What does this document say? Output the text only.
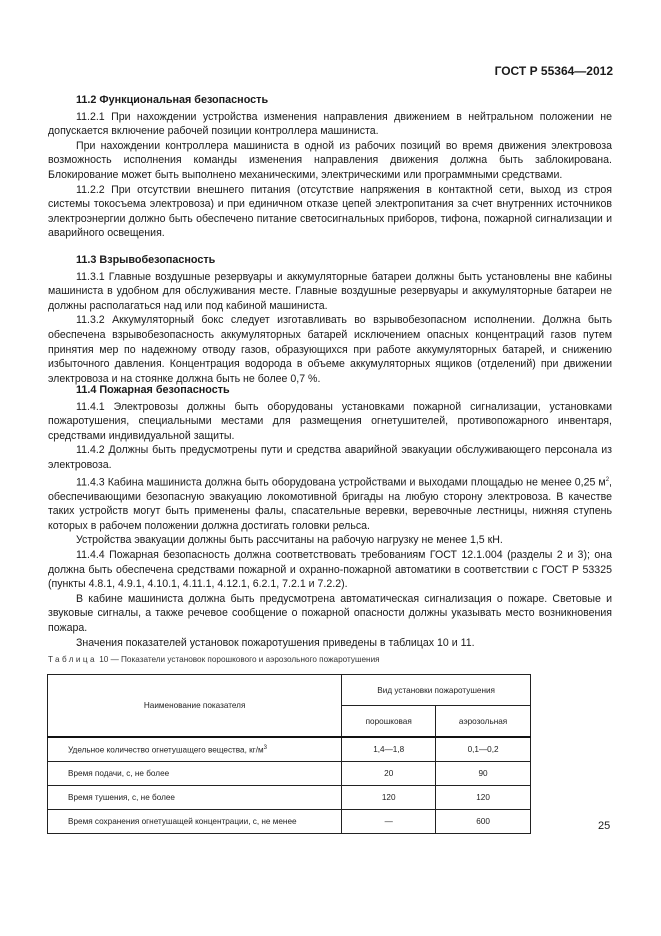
ГОСТ Р 55364—2012
11.2 Функциональная безопасность

11.2.1 При нахождении устройства изменения направления движением в нейтральном положении не допускается включение рабочей позиции контроллера машиниста.

При нахождении контроллера машиниста в одной из рабочих позиций во время движения электровоза возможность исполнения команды изменения направления движения должна быть заблокирована. Блокирование может быть выполнено механическими, электрическими или программными средствами.

11.2.2 При отсутствии внешнего питания (отсутствие напряжения в контактной сети, выход из строя системы токосъема электровоза) и при единичном отказе цепей электропитания за счет внутренних источников электроэнергии должно быть обеспечено питание светосигнальных приборов, тифона, пожарной сигнализации и аварийного освещения.

11.3 Взрывобезопасность

11.3.1 Главные воздушные резервуары и аккумуляторные батареи должны быть установлены вне кабины машиниста в удобном для обслуживания месте. Главные воздушные резервуары и аккумуляторные батареи не должны располагаться над или под кабиной машиниста.

11.3.2 Аккумуляторный бокс следует изготавливать во взрывобезопасном исполнении. Должна быть обеспечена взрывобезопасность аккумуляторных батарей исключением опасных концентраций газов путем принятия мер по надежному отводу газов, образующихся при работе аккумуляторных батарей, и снижению избыточного давления. Концентрация водорода в объеме аккумуляторных ящиков (отделений) при движении электровоза и на стоянке должна быть не более 0,7 %.

11.4 Пожарная безопасность

11.4.1 Электровозы должны быть оборудованы установками пожарной сигнализации, установками пожаротушения, специальными местами для размещения огнетушителей, противопожарного инвентаря, средствами индивидуальной защиты.

11.4.2 Должны быть предусмотрены пути и средства аварийной эвакуации обслуживающего персонала из электровоза.

11.4.3 Кабина машиниста должна быть оборудована устройствами и выходами площадью не менее 0,25 $м^2$, обеспечивающими безопасную эвакуацию локомотивной бригады на любую сторону электровоза. В качестве таких устройств могут быть применены фалы, спасательные веревки, веревочные лестницы, нижняя ступень которых в рабочем положении должна достигать головки рельса.

Устройства эвакуации должны быть рассчитаны на рабочую нагрузку не менее 1,5 кН.

11.4.4 Пожарная безопасность должна соответствовать требованиям ГОСТ 12.1.004 (разделы 2 и 3); она должна быть обеспечена средствами пожарной и охранно-пожарной автоматики в соответствии с ГОСТ Р 53325 (пункты 4.8.1, 4.9.1, 4.10.1, 4.11.1, 4.12.1, 6.2.1, 7.2.1 и 7.2.2).

В кабине машиниста должна быть предусмотрена автоматическая сигнализация о пожаре. Световые и звуковые сигналы, а также речевое сообщение о пожарной опасности должны указывать место возникновения пожара.

Значения показателей установок пожаротушения приведены в таблицах 10 и 11.

Таблица 10 — Показатели установок порошкового и аэрозольного пожаротушения
Наименование показателя	Вид установки пожаротушения	
	порошковая	аэрозольная
Удельное количество огнетушащего вещества, $кг/м^3$	1,4—1,8	0,1—0,2
Время подачи, с, не более	20	90
Время тушения, с, не более	120	120
Время сохранения огнетушащей концентрации, с, не менее	—	600	25
